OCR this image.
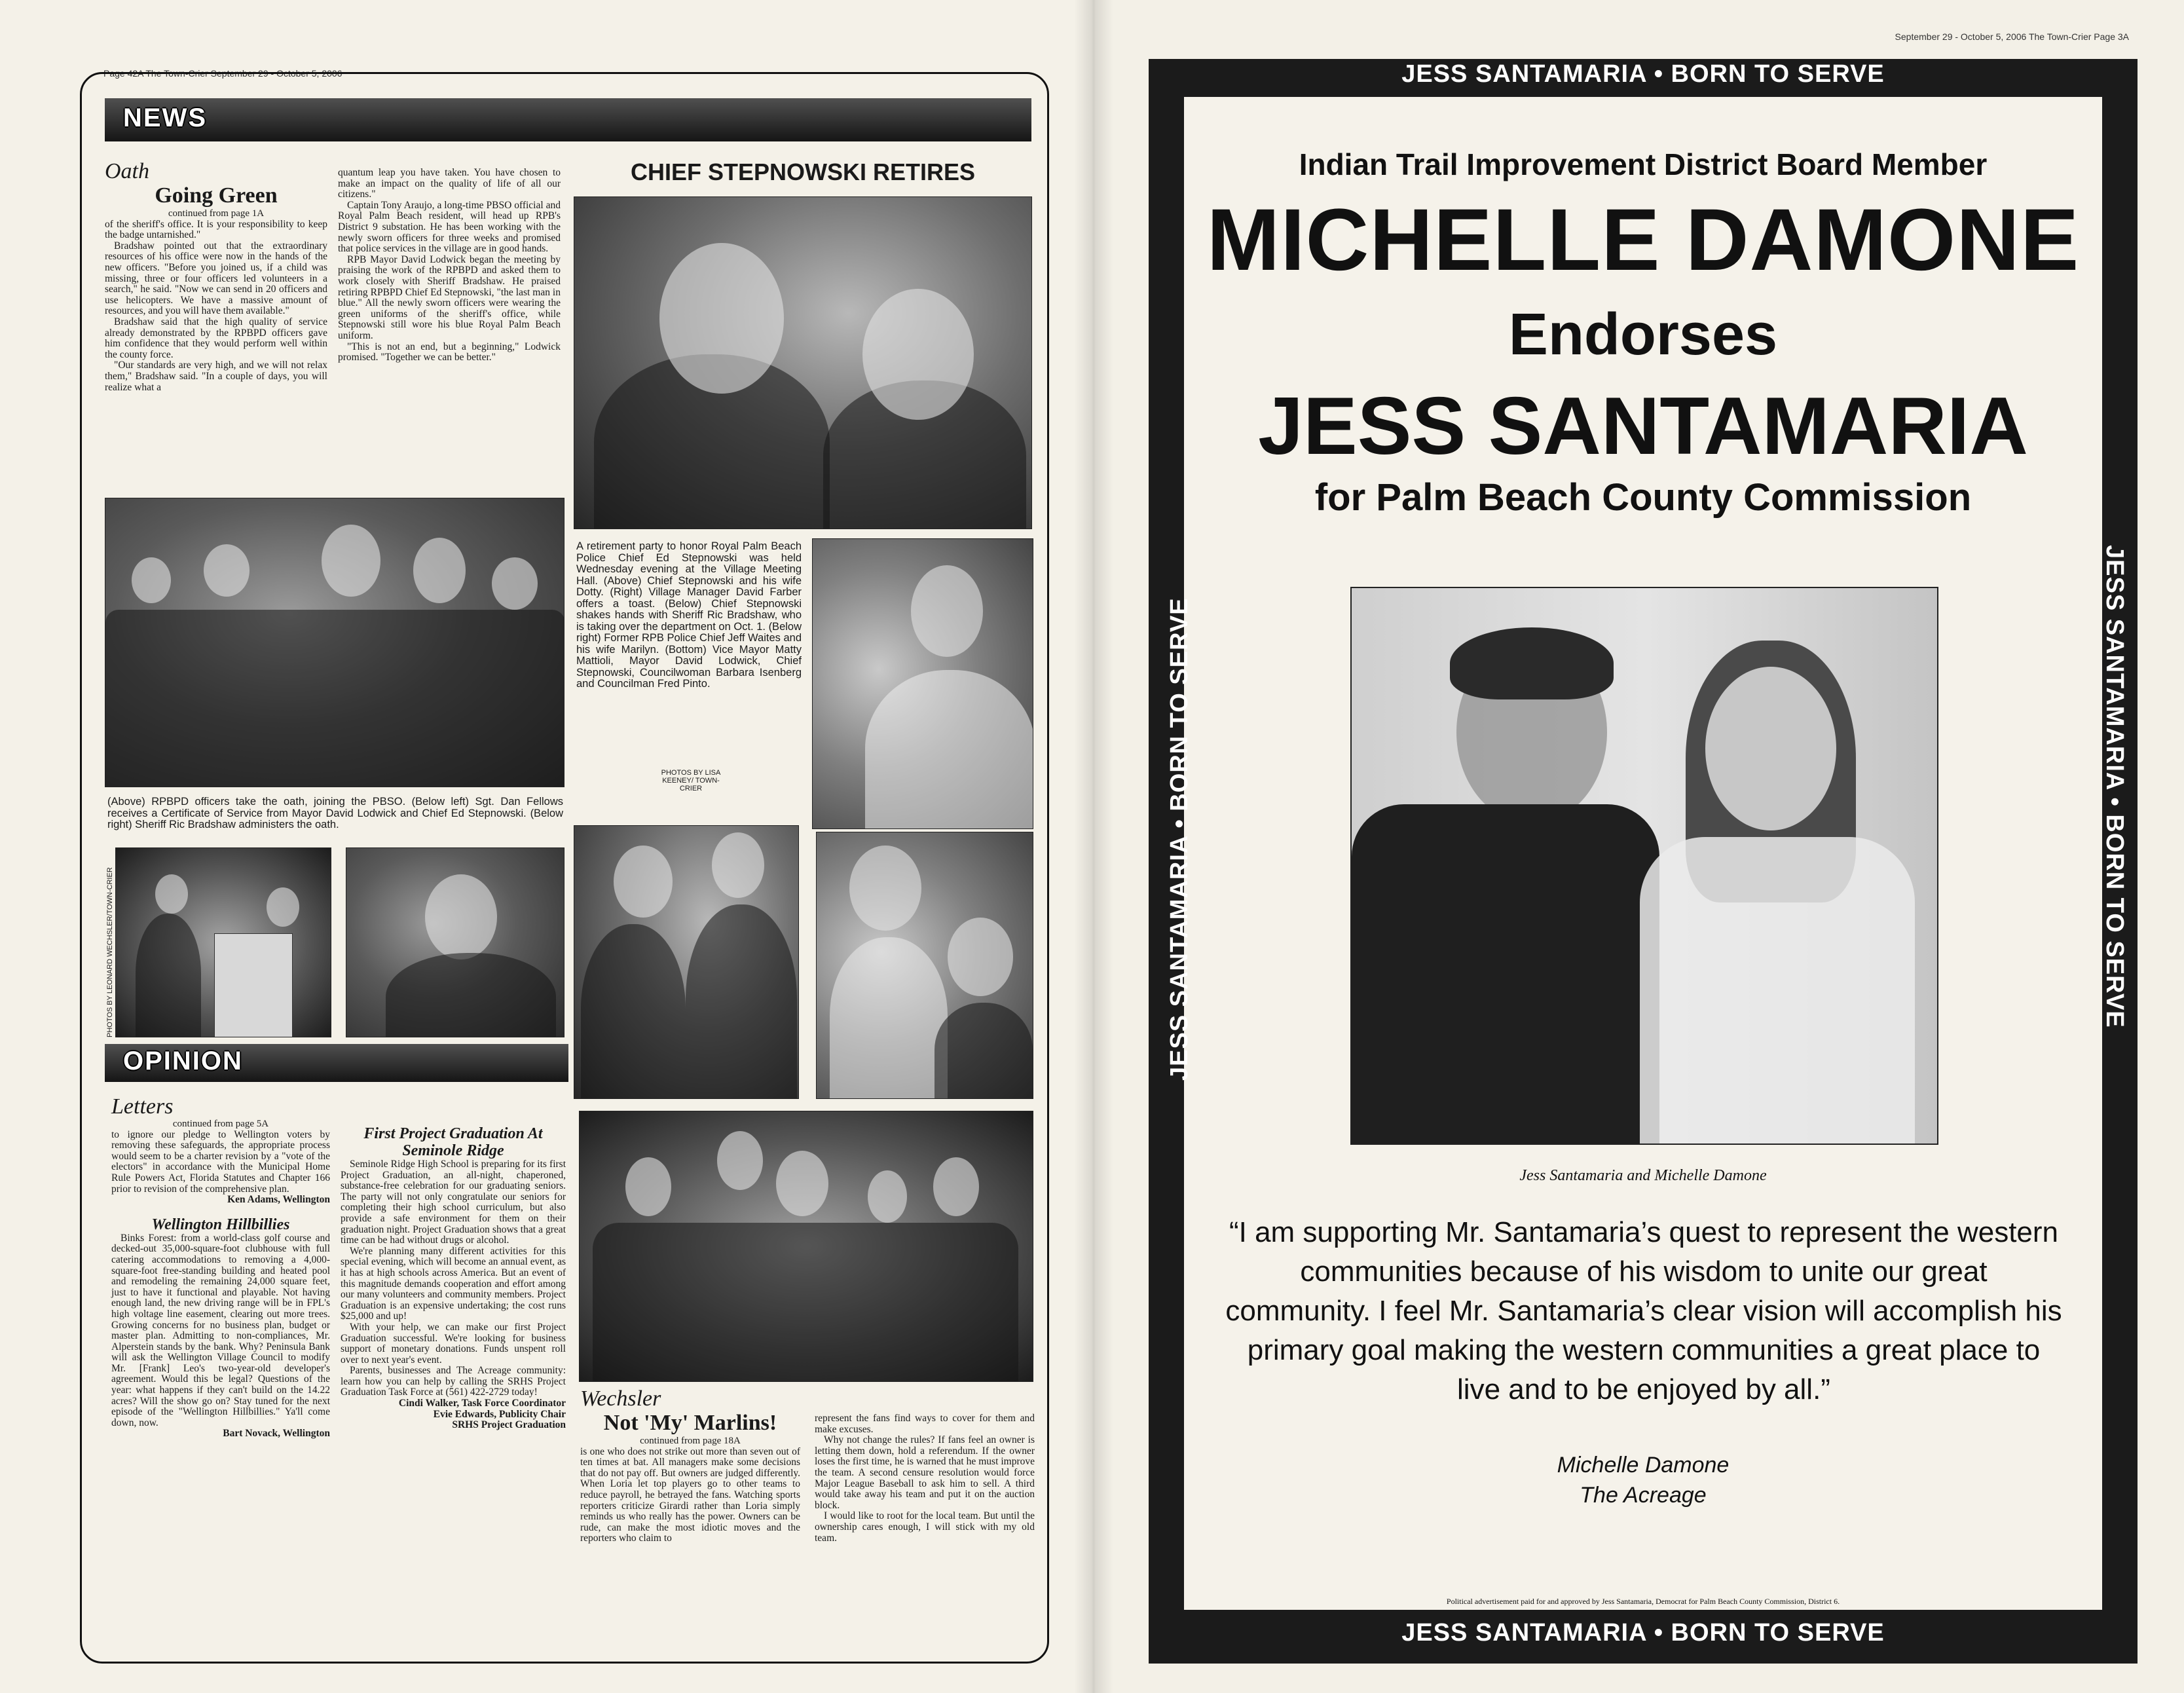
Page 42A The Town-Crier September 29 - October 5, 2006
September 29 - October 5, 2006 The Town-Crier Page 3A
NEWS
Oath
Going Green
continued from page 1A

of the sheriff's office. It is your responsibility to keep the badge untarnished."

Bradshaw pointed out that the extraordinary resources of his office were now in the hands of the new officers. "Before you joined us, if a child was missing, three or four officers led volunteers in a search," he said. "Now we can send in 20 officers and use helicopters. We have a massive amount of resources, and you will have them available."

Bradshaw said that the high quality of service already demonstrated by the RPBPD officers gave him confidence that they would perform well within the county force.

"Our standards are very high, and we will not relax them," Bradshaw said. "In a couple of days, you will realize what a

quantum leap you have taken. You have chosen to make an impact on the quality of life of all our citizens."

Captain Tony Araujo, a long-time PBSO official and Royal Palm Beach resident, will head up RPB's District 9 substation. He has been working with the newly sworn officers for three weeks and promised that police services in the village are in good hands.

RPB Mayor David Lodwick began the meeting by praising the work of the RPBPD and asked them to work closely with Sheriff Bradshaw. He praised retiring RPBPD Chief Ed Stepnowski, "the last man in blue." All the newly sworn officers were wearing the green uniforms of the sheriff's office, while Stepnowski still wore his blue Royal Palm Beach uniform.

"This is not an end, but a beginning," Lodwick promised. "Together we can be better."

CHIEF STEPNOWSKI RETIRES
A retirement party to honor Royal Palm Beach Police Chief Ed Stepnowski was held Wednesday evening at the Village Meeting Hall. (Above) Chief Stepnowski and his wife Dotty. (Right) Village Manager David Farber offers a toast. (Below) Chief Stepnowski shakes hands with Sheriff Ric Bradshaw, who is taking over the department on Oct. 1. (Below right) Former RPB Police Chief Jeff Waites and his wife Marilyn. (Bottom) Vice Mayor Matty Mattioli, Mayor David Lodwick, Chief Stepnowski, Councilwoman Barbara Isenberg and Councilman Fred Pinto.
PHOTOS BY LISA KEENEY/ TOWN-CRIER
(Above) RPBPD officers take the oath, joining the PBSO. (Below left) Sgt. Dan Fellows receives a Certificate of Service from Mayor David Lodwick and Chief Ed Stepnowski. (Below right) Sheriff Ric Bradshaw administers the oath.
PHOTOS BY LEONARD WECHSLER/TOWN-CRIER
OPINION
Letters
continued from page 5A

to ignore our pledge to Wellington voters by removing these safeguards, the appropriate process would seem to be a charter revision by a "vote of the electors" in accordance with the Municipal Home Rule Powers Act, Florida Statutes and Chapter 166 prior to revision of the comprehensive plan.

Ken Adams, Wellington
Wellington Hillbillies

Binks Forest: from a world-class golf course and decked-out 35,000-square-foot clubhouse with full catering accommodations to removing a 4,000-square-foot free-standing building and heated pool and remodeling the remaining 24,000 square feet, just to have it functional and playable. Not having enough land, the new driving range will be in FPL's high voltage line easement, clearing out more trees. Growing concerns for no business plan, budget or master plan. Admitting to non-compliances, Mr. Alperstein stands by the bank. Why? Peninsula Bank will ask the Wellington Village Council to modify Mr. [Frank] Leo's two-year-old developer's agreement. Would this be legal? Questions of the year: what happens if they can't build on the 14.22 acres? Will the show go on? Stay tuned for the next episode of the "Wellington Hillbillies." Ya'll come down, now.

Bart Novack, Wellington
First Project Graduation At Seminole Ridge

Seminole Ridge High School is preparing for its first Project Graduation, an all-night, chaperoned, substance-free celebration for our graduating seniors. The party will not only congratulate our seniors for completing their high school curriculum, but also provide a safe environment for them on their graduation night. Project Graduation shows that a great time can be had without drugs or alcohol.

We're planning many different activities for this special evening, which will become an annual event, as it has at high schools across America. But an event of this magnitude demands cooperation and effort among our many volunteers and community members. Project Graduation is an expensive undertaking; the cost runs $25,000 and up!

With your help, we can make our first Project Graduation successful. We're looking for business support of monetary donations. Funds unspent roll over to next year's event.

Parents, businesses and The Acreage community: learn how you can help by calling the SRHS Project Graduation Task Force at (561) 422-2729 today!

Cindi Walker, Task Force Coordinator
Evie Edwards, Publicity Chair
SRHS Project Graduation
Wechsler
Not 'My' Marlins!
continued from page 18A

is one who does not strike out more than seven out of ten times at bat. All managers make some decisions that do not pay off. But owners are judged differently. When Loria let top players go to other teams to reduce payroll, he betrayed the fans. Watching sports reporters criticize Girardi rather than Loria simply reminds us who really has the power. Owners can be rude, can make the most idiotic moves and the reporters who claim to

represent the fans find ways to cover for them and make excuses.

Why not change the rules? If fans feel an owner is letting them down, hold a referendum. If the owner loses the first time, he is warned that he must improve the team. A second censure resolution would force Major League Baseball to ask him to sell. A third would take away his team and put it on the auction block.

I would like to root for the local team. But until the ownership cares enough, I will stick with my old team.

JESS SANTAMARIA • BORN TO SERVE
JESS SANTAMARIA • BORN TO SERVE
JESS SANTAMARIA • BORN TO SERVE	JESS SANTAMARIA • BORN TO SERVE
Indian Trail Improvement District Board Member
MICHELLE DAMONE
Endorses
JESS SANTAMARIA
for Palm Beach County Commission
Jess Santamaria and Michelle Damone
“I am supporting Mr. Santamaria’s quest to represent the western communities because of his wisdom to unite our great community. I feel Mr. Santamaria’s clear vision will accomplish his primary goal making the western communities a great place to live and to be enjoyed by all.”
Michelle Damone
The Acreage
Political advertisement paid for and approved by Jess Santamaria, Democrat for Palm Beach County Commission, District 6.
